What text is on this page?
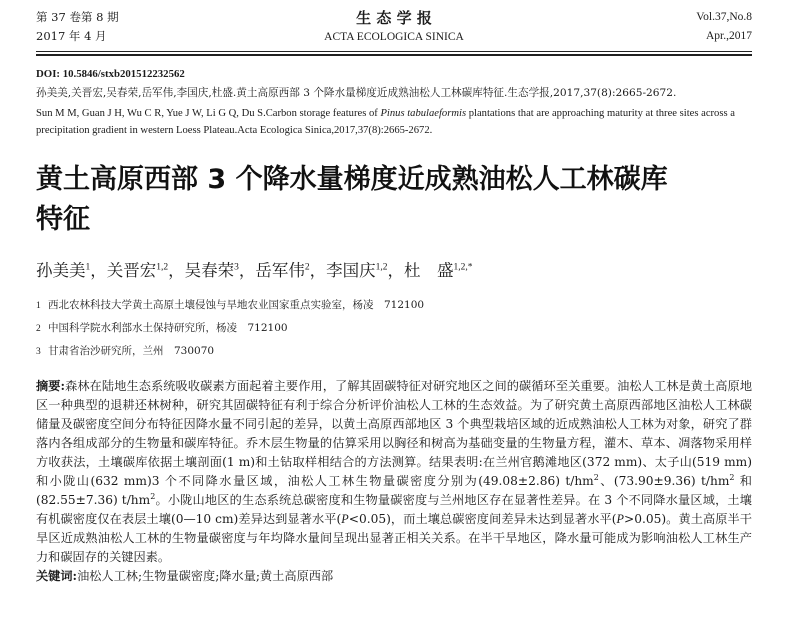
第 37 卷第 8 期
2017 年 4 月
生 态 学 报
ACTA ECOLOGICA SINICA
Vol.37,No.8
Apr.,2017
DOI: 10.5846/stxb201512232562
孙美美,关晋宏,吴春荣,岳军伟,李国庆,杜盛.黄土高原西部 3 个降水量梯度近成熟油松人工林碳库特征.生态学报,2017,37(8):2665-2672.
Sun M M, Guan J H, Wu C R, Yue J W, Li G Q, Du S.Carbon storage features of Pinus tabulaeformis plantations that are approaching maturity at three sites across a precipitation gradient in western Loess Plateau.Acta Ecologica Sinica,2017,37(8):2665-2672.
黄土高原西部 3 个降水量梯度近成熟油松人工林碳库
特征
孙美美$^1$，关晋宏$^{1,2}$，吴春荣$^3$，岳军伟$^2$，李国庆$^{1,2}$，杜　盛$^{1,2,*}$
1 西北农林科技大学黄土高原土壤侵蚀与旱地农业国家重点实验室，杨凌　712100
2 中国科学院水利部水土保持研究所，杨凌　712100
3 甘肃省治沙研究所，兰州　730070
摘要:森林在陆地生态系统吸收碳素方面起着主要作用，了解其固碳特征对研究地区之间的碳循环至关重要。油松人工林是黄土高原地区一种典型的退耕还林树种，研究其固碳特征有利于综合分析评价油松人工林的生态效益。为了研究黄土高原西部地区油松人工林碳储量及碳密度空间分布特征因降水量不同引起的差异，以黄土高原西部地区 3 个典型栽培区域的近成熟油松人工林为对象，研究了群落内各组成部分的生物量和碳库特征。乔木层生物量的估算采用以胸径和树高为基础变量的生物量方程，灌木、草本、凋落物采用样方收获法，土壤碳库依据土壤剖面(1 m)和土钻取样相结合的方法测算。结果表明:在兰州官鹅滩地区(372 mm)、太子山(519 mm)和小陇山(632 mm)3 个不同降水量区域，油松人工林生物量碳密度分别为(49.08±2.86) $t/hm^2$、(73.90±9.36) $t/hm^2$ 和(82.55±7.36) $t/hm^2$。小陇山地区的生态系统总碳密度和生物量碳密度与兰州地区存在显著性差异。在 3 个不同降水量区域，土壤有机碳密度仅在表层土壤(0—10 cm)差异达到显著水平(P<0.05)，而土壤总碳密度间差异未达到显著水平(P>0.05)。黄土高原半干旱区近成熟油松人工林的生物量碳密度与年均降水量间呈现出显著正相关关系。在半干旱地区，降水量可能成为影响油松人工林生产力和碳固存的关键因素。
关键词:油松人工林;生物量碳密度;降水量;黄土高原西部
